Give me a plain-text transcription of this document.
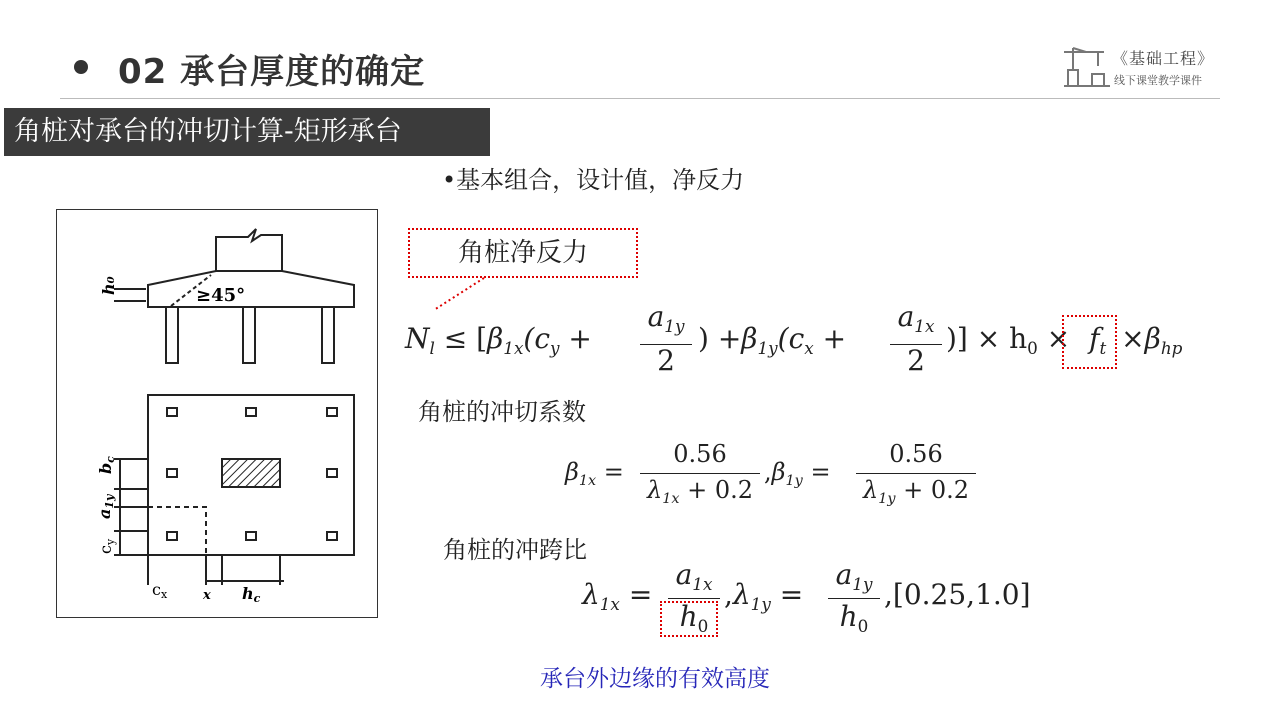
02 承台厚度的确定	《基础工程》
线下课堂教学课件
角桩对承台的冲切计算-矩形承台
•基本组合，设计值，净反力
角桩净反力
≥45°
h₀
bc
a1y
cy
cx	x hc
$N_l \le [\beta_{1x}(c_y$ +
$a_{1y}$
2
) $+\beta_{1y}(c_x$ +
$a_{1x}$
2
)] × $h_0 \times f_t \times\beta_{hp}$
角桩的冲切系数
角桩的冲跨比
$\beta_{1x}$ =
0.56
$\lambda_{1x} + 0.2$
$,\beta_{1y}$ =
0.56
$\lambda_{1y} + 0.2$
$\lambda_{1x}$ =
$a_{1x}$
$h_0$
$,\lambda_{1y}$ =
$a_{1y}$
$h_0$
,[0.25,1.0]
承台外边缘的有效高度
